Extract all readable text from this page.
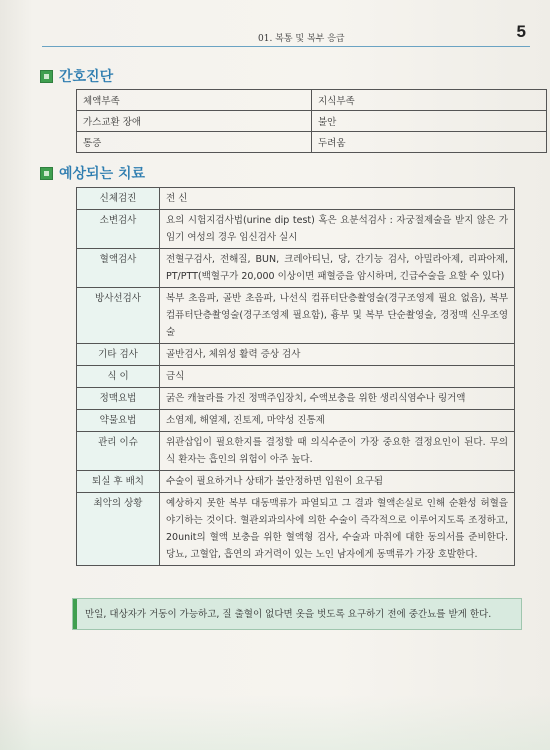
01. 복통 및 복부 응급	5
간호진단
체액부족	지식부족
가스교환 장애	불안
통증	두려움
예상되는 치료
신체검진	전 신
소변검사	요의 시험지검사법(urine dip test) 혹은 요분석검사 : 자궁절제술을 받지 않은 가임기 여성의 경우 임신검사 실시
혈액검사	전혈구검사, 전해질, BUN, 크레아티닌, 당, 간기능 검사, 아밀라아제, 리파아제, PT/PTT(백혈구가 20,000 이상이면 패혈증을 암시하며, 긴급수술을 요할 수 있다)
방사선검사	복부 초음파, 골반 초음파, 나선식 컴퓨터단층촬영술(경구조영제 필요 없음), 복부 컴퓨터단층촬영술(경구조영제 필요함), 흉부 및 복부 단순촬영술, 경정맥 신우조영술
기타 검사	골반검사, 체위성 활력 증상 검사
식 이	금식
정맥요법	굵은 캐뉼라를 가진 정맥주입장치, 수액보충을 위한 생리식염수나 링거액
약물요법	소염제, 해열제, 진토제, 마약성 진통제
관리 이슈	위관삽입이 필요한지를 결정할 때 의식수준이 가장 중요한 결정요인이 된다. 무의식 환자는 흡인의 위험이 아주 높다.
퇴실 후 배치	수술이 필요하거나 상태가 불안정하면 입원이 요구됨
최악의 상황	예상하지 못한 복부 대동맥류가 파열되고 그 결과 혈액손실로 인해 순환성 허혈을 야기하는 것이다. 혈관외과의사에 의한 수술이 즉각적으로 이루어지도록 조정하고, 20unit의 혈액 보충을 위한 혈액형 검사, 수술과 마취에 대한 동의서를 준비한다. 당뇨, 고혈압, 흡연의 과거력이 있는 노인 남자에게 동맥류가 가장 호발한다.
만일, 대상자가 거동이 가능하고, 질 출혈이 없다면 옷을 벗도록 요구하기 전에 중간뇨를 받게 한다.
